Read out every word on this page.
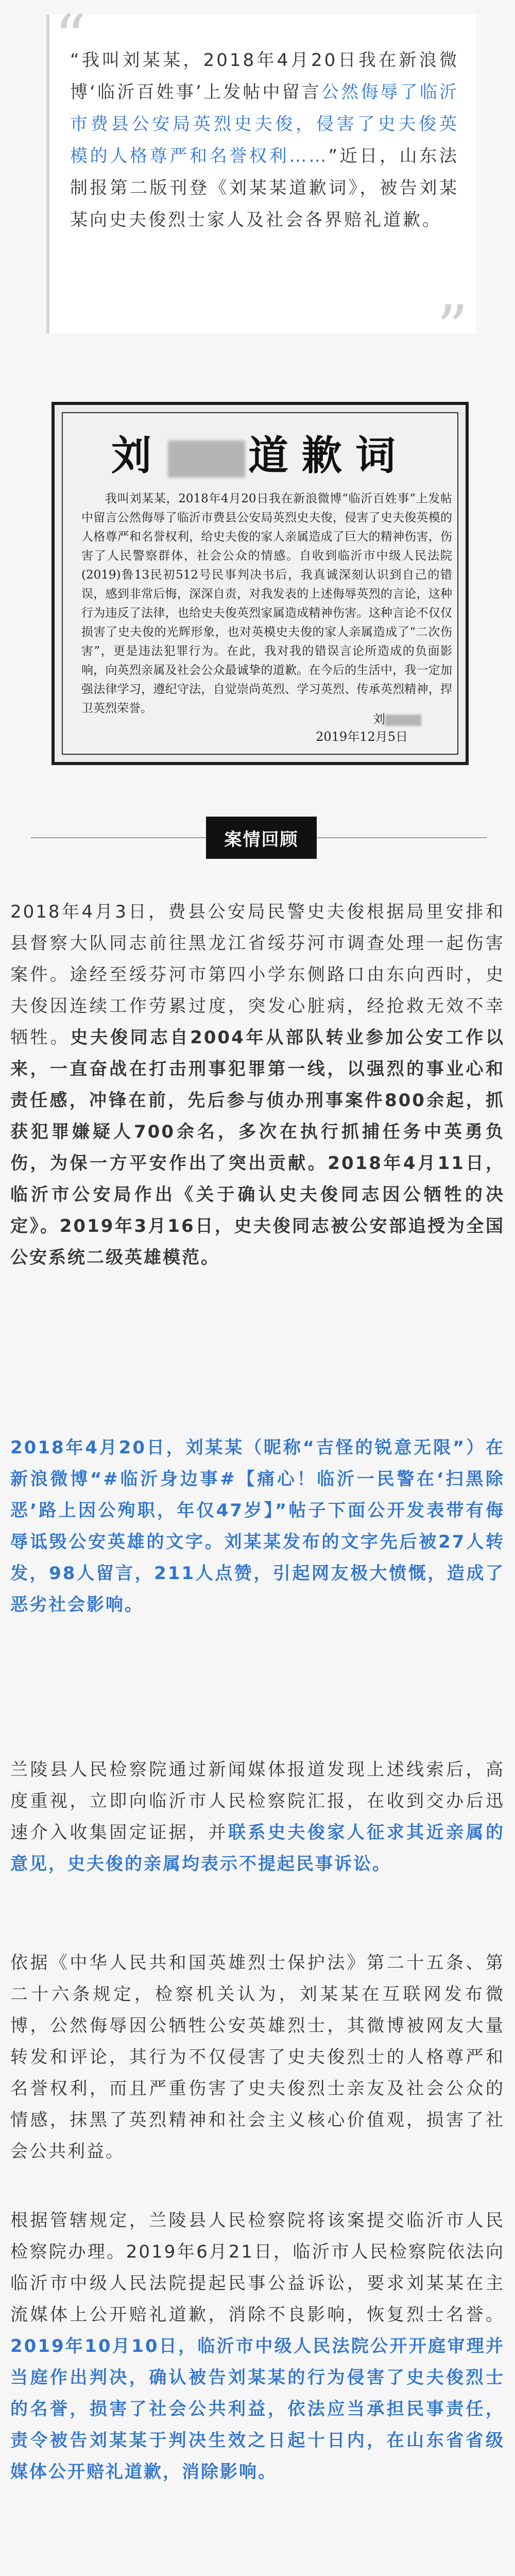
“
“我叫刘某某，2018年4月20日我在新浪微博‘临沂百姓事’上发帖中留言公然侮辱了临沂市费县公安局英烈史夫俊，侵害了史夫俊英模的人格尊严和名誉权利……”近日，山东法制报第二版刊登《刘某某道歉词》，被告刘某某向史夫俊烈士家人及社会各界赔礼道歉。
”
刘 道歉词
我叫刘某某，2018年4月20日我在新浪微博“临沂百姓事”上发帖中留言公然侮辱了临沂市费县公安局英烈史夫俊，侵害了史夫俊英模的人格尊严和名誉权利，给史夫俊的家人亲属造成了巨大的精神伤害，伤害了人民警察群体，社会公众的情感。自收到临沂市中级人民法院(2019)鲁13民初512号民事判决书后，我真诚深刻认识到自己的错误，感到非常后悔，深深自责，对我发表的上述侮辱英烈的言论，这种行为违反了法律，也给史夫俊英烈家属造成精神伤害。这种言论不仅仅损害了史夫俊的光辉形象，也对英模史夫俊的家人亲属造成了“二次伤害”，更是违法犯罪行为。在此，我对我的错误言论所造成的负面影响，向英烈亲属及社会公众最诚挚的道歉。在今后的生活中，我一定加强法律学习，遵纪守法，自觉崇尚英烈、学习英烈、传承英烈精神，捍卫英烈荣誉。
刘
2019年12月5日
案情回顾
2018年4月3日，费县公安局民警史夫俊根据局里安排和县督察大队同志前往黑龙江省绥芬河市调查处理一起伤害案件。途经至绥芬河市第四小学东侧路口由东向西时，史夫俊因连续工作劳累过度，突发心脏病，经抢救无效不幸牺牲。史夫俊同志自2004年从部队转业参加公安工作以来，一直奋战在打击刑事犯罪第一线，以强烈的事业心和责任感，冲锋在前，先后参与侦办刑事案件800余起，抓获犯罪嫌疑人700余名，多次在执行抓捕任务中英勇负伤，为保一方平安作出了突出贡献。2018年4月11日，临沂市公安局作出《关于确认史夫俊同志因公牺牲的决定》。2019年3月16日，史夫俊同志被公安部追授为全国公安系统二级英雄模范。
2018年4月20日，刘某某（昵称“吉怪的锐意无限”）在新浪微博“#临沂身边事#【痛心！临沂一民警在‘扫黑除恶’路上因公殉职，年仅47岁】”帖子下面公开发表带有侮辱诋毁公安英雄的文字。刘某某发布的文字先后被27人转发，98人留言，211人点赞，引起网友极大愤慨，造成了恶劣社会影响。
兰陵县人民检察院通过新闻媒体报道发现上述线索后，高度重视，立即向临沂市人民检察院汇报，在收到交办后迅速介入收集固定证据，并联系史夫俊家人征求其近亲属的意见，史夫俊的亲属均表示不提起民事诉讼。
依据《中华人民共和国英雄烈士保护法》第二十五条、第二十六条规定，检察机关认为，刘某某在互联网发布微博，公然侮辱因公牺牲公安英雄烈士，其微博被网友大量转发和评论，其行为不仅侵害了史夫俊烈士的人格尊严和名誉权利，而且严重伤害了史夫俊烈士亲友及社会公众的情感，抹黑了英烈精神和社会主义核心价值观，损害了社会公共利益。
根据管辖规定，兰陵县人民检察院将该案提交临沂市人民检察院办理。2019年6月21日，临沂市人民检察院依法向临沂市中级人民法院提起民事公益诉讼，要求刘某某在主流媒体上公开赔礼道歉，消除不良影响，恢复烈士名誉。2019年10月10日，临沂市中级人民法院公开开庭审理并当庭作出判决，确认被告刘某某的行为侵害了史夫俊烈士的名誉，损害了社会公共利益，依法应当承担民事责任，责令被告刘某某于判决生效之日起十日内，在山东省省级媒体公开赔礼道歉，消除影响。
